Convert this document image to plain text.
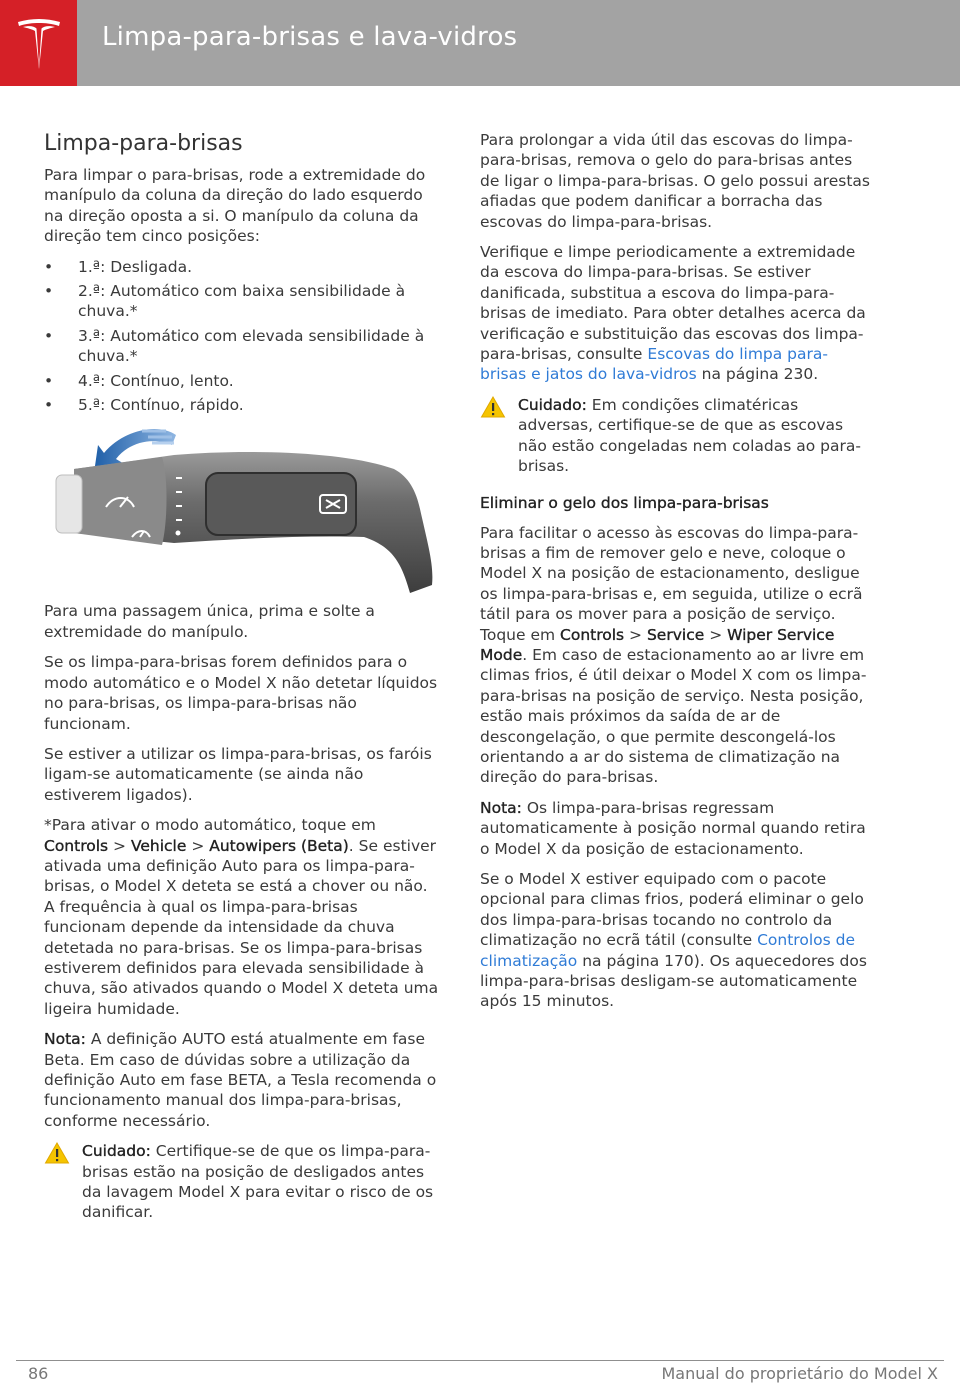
Limpa-para-brisas e lava-vidros
Limpa-para-brisas

Para limpar o para-brisas, rode a extremidade do manípulo da coluna da direção do lado esquerdo na direção oposta a si. O manípulo da coluna da direção tem cinco posições:

• 1.ª: Desligada.
• 2.ª: Automático com baixa sensibilidade à chuva.*
• 3.ª: Automático com elevada sensibilidade à chuva.*
• 4.ª: Contínuo, lento.
• 5.ª: Contínuo, rápido.

Para uma passagem única, prima e solte a extremidade do manípulo.

Se os limpa-para-brisas forem definidos para o modo automático e o Model X não detetar líquidos no para-brisas, os limpa-para-brisas não funcionam.

Se estiver a utilizar os limpa-para-brisas, os faróis ligam-se automaticamente (se ainda não estiverem ligados).

*Para ativar o modo automático, toque em Controls > Vehicle > Autowipers (Beta). Se estiver ativada uma definição Auto para os limpa-para-brisas, o Model X deteta se está a chover ou não. A frequência à qual os limpa-para-brisas funcionam depende da intensidade da chuva detetada no para-brisas. Se os limpa-para-brisas estiverem definidos para elevada sensibilidade à chuva, são ativados quando o Model X deteta uma ligeira humidade.

Nota: A definição AUTO está atualmente em fase Beta. Em caso de dúvidas sobre a utilização da definição Auto em fase BETA, a Tesla recomenda o funcionamento manual dos limpa-para-brisas, conforme necessário.

Cuidado: Certifique-se de que os limpa-para-brisas estão na posição de desligados antes da lavagem Model X para evitar o risco de os danificar.

Para prolongar a vida útil das escovas do limpa-para-brisas, remova o gelo do para-brisas antes de ligar o limpa-para-brisas. O gelo possui arestas afiadas que podem danificar a borracha das escovas do limpa-para-brisas.

Verifique e limpe periodicamente a extremidade da escova do limpa-para-brisas. Se estiver danificada, substitua a escova do limpa-para-brisas de imediato. Para obter detalhes acerca da verificação e substituição das escovas dos limpa-para-brisas, consulte Escovas do limpa para-brisas e jatos do lava-vidros na página 230.

Cuidado: Em condições climatéricas adversas, certifique-se de que as escovas não estão congeladas nem coladas ao para-brisas.
Eliminar o gelo dos limpa-para-brisas

Para facilitar o acesso às escovas do limpa-para-brisas a fim de remover gelo e neve, coloque o Model X na posição de estacionamento, desligue os limpa-para-brisas e, em seguida, utilize o ecrã tátil para os mover para a posição de serviço. Toque em Controls > Service > Wiper Service Mode. Em caso de estacionamento ao ar livre em climas frios, é útil deixar o Model X com os limpa-para-brisas na posição de serviço. Nesta posição, estão mais próximos da saída de ar de descongelação, o que permite descongelá-los orientando a ar do sistema de climatização na direção do para-brisas.

Nota: Os limpa-para-brisas regressam automaticamente à posição normal quando retira o Model X da posição de estacionamento.

Se o Model X estiver equipado com o pacote opcional para climas frios, poderá eliminar o gelo dos limpa-para-brisas tocando no controlo da climatização no ecrã tátil (consulte Controlos de climatização na página 170). Os aquecedores dos limpa-para-brisas desligam-se automaticamente após 15 minutos.

86	Manual do proprietário do Model X
